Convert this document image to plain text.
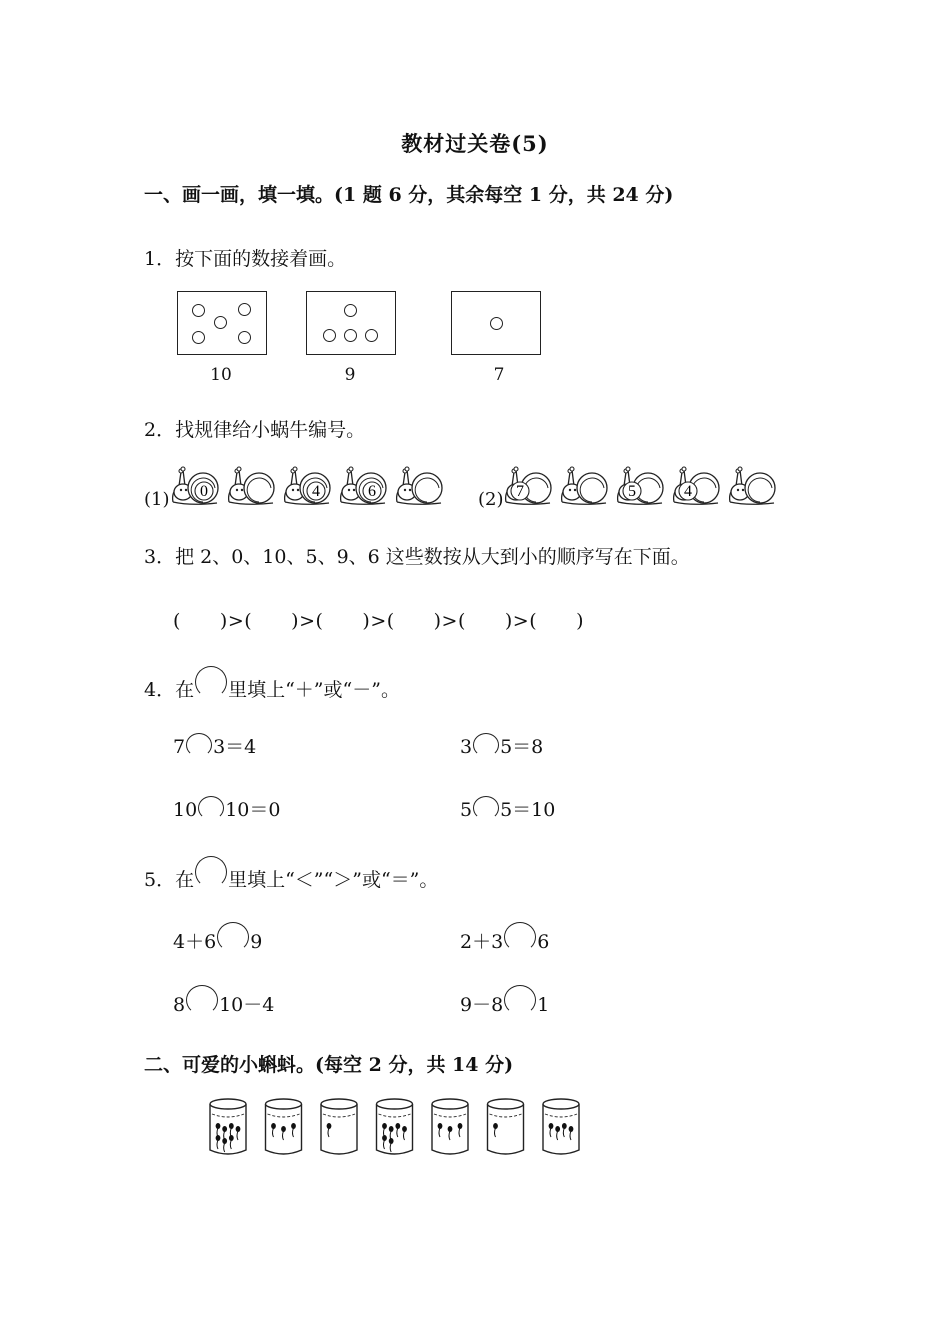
教材过关卷(5)
一、画一画，填一填。(1 题 6 分，其余每空 1 分，共 24 分)
1．按下面的数接着画。
10	9	7
2．找规律给小蜗牛编号。
(1)	(2)
0	4	6	7	5	4
3．把 2、0、10、5、9、6 这些数按从大到小的顺序写在下面。
(　　)>(　　)>(　　)>(　　)>(　　)>(　　)
4．在 里填上“＋”或“－”。
7 3＝4	3 5＝8
10 10＝0	5 5＝10
5．在 里填上“＜”“＞”或“＝”。
4＋6 9	2＋3 6
8 10－4	9－8 1
二、可爱的小蝌蚪。(每空 2 分，共 14 分)
